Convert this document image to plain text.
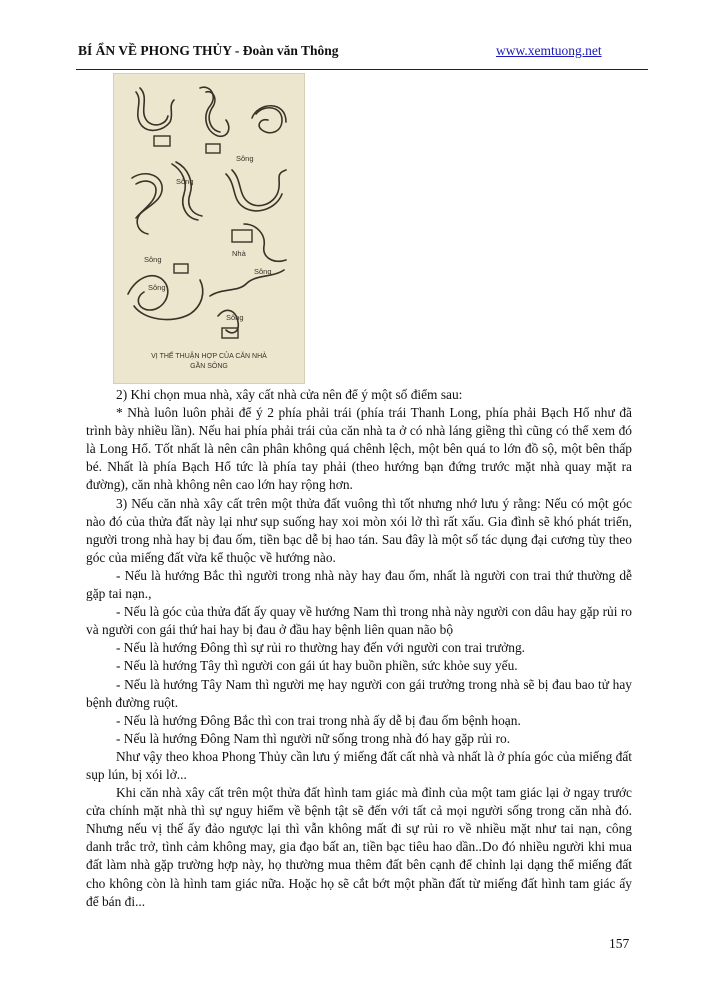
BÍ ẨN VỀ PHONG THỦY - Đoàn văn Thông	www.xemtuong.net
Sông
Sông
Sông
Nhà
Sông
Sông
Sông
VỊ THẾ THUẬN HỢP CỦA CĂN NHÀ
GẦN SÔNG

2) Khi chọn mua nhà, xây cất nhà cửa nên để ý một số điểm sau:

* Nhà luôn luôn phải để ý 2 phía phải trái (phía trái Thanh Long, phía phải Bạch Hổ như đã trình bày nhiều lần). Nếu hai phía phải trái của căn nhà ta ở có nhà láng giềng thì cũng có thể xem đó là Long Hổ. Tốt nhất là nên cân phân không quá chênh lệch, một bên quá to lớn đồ sộ, một bên thấp bé. Nhất là phía Bạch Hổ tức là phía tay phải (theo hướng bạn đứng trước mặt nhà quay mặt ra đường), căn nhà không nên cao lớn hay rộng hơn.

3) Nếu căn nhà xây cất trên một thửa đất vuông thì tốt nhưng nhớ lưu ý rằng: Nếu có một góc nào đó của thửa đất này lại như sụp suống hay xoi mòn xói lở thì rất xấu. Gia đình sẽ khó phát triển, người trong nhà hay bị đau ốm, tiền bạc dễ bị hao tán. Sau đây là một số tác dụng đại cương tùy theo góc của miếng đất vừa kể thuộc về hướng nào.

- Nếu là hướng Bắc thì người trong nhà này hay đau ốm, nhất là người con trai thứ thường dễ gặp tai nạn.,

- Nếu là góc của thửa đất ấy quay về hướng Nam thì trong nhà này người con dâu hay gặp rủi ro và người con gái thứ hai hay bị đau ở đầu hay bệnh liên quan não bộ

- Nếu là hướng Đông thì sự rủi ro thường hay đến với người con trai trưởng.

- Nếu là hướng Tây thì người con gái út hay buồn phiền, sức khỏe suy yếu.

- Nếu là hướng Tây Nam thì người mẹ hay người con gái trưởng trong nhà sẽ bị đau bao tử hay bệnh đường ruột.

- Nếu là hướng Đông Bắc thì con trai trong nhà ấy dễ bị đau ốm bệnh hoạn.

- Nếu là hướng Đông Nam thì người nữ sống trong nhà đó hay gặp rủi ro.

Như vậy theo khoa Phong Thủy cần lưu ý miếng đất cất nhà và nhất là ở phía góc của miếng đất sụp lún, bị xói lở...

Khi căn nhà xây cất trên một thửa đất hình tam giác mà đỉnh của một tam giác lại ở ngay trước cửa chính mặt nhà thì sự nguy hiểm về bệnh tật sẽ đến với tất cả mọi người sống trong căn nhà đó. Nhưng nếu vị thế ấy đảo ngược lại thì vẫn không mất đi sự rủi ro về nhiều mặt như tai nạn, công danh trắc trở, tình cảm không may, gia đạo bất an, tiền bạc tiêu hao dần..Do đó nhiều người khi mua đất làm nhà gặp trường hợp này, họ thường mua thêm đất bên cạnh để chỉnh lại dạng thể miếng đất cho không còn là hình tam giác nữa. Hoặc họ sẽ cắt bớt một phần đất từ miếng đất hình tam giác ấy để bán đi...

157
